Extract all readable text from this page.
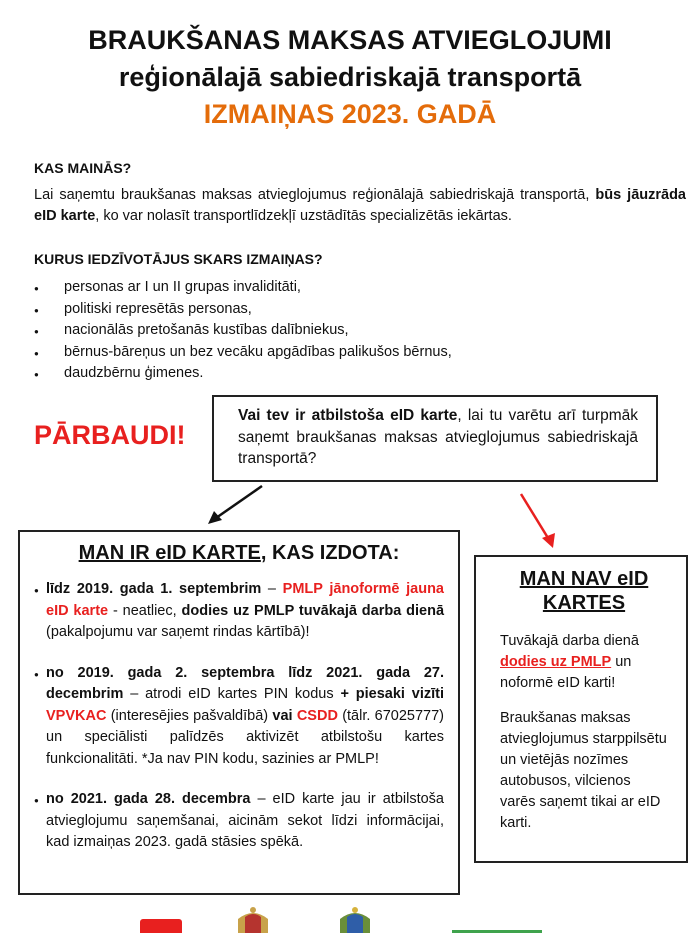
BRAUKŠANAS MAKSAS ATVIEGLOJUMI
reģionālajā sabiedriskajā transportā
IZMAIŅAS 2023. GADĀ
KAS MAINĀS?
Lai saņemtu braukšanas maksas atvieglojumus reģionālajā sabiedriskajā transportā, būs jāuzrāda eID karte, ko var nolasīt transportlīdzekļī uzstādītās specializētās iekārtas.
KURUS IEDZĪVOTĀJUS SKARS IZMAIŅAS?
● personas ar I un II grupas invaliditāti,
● politiski represētās personas,
● nacionālās pretošanās kustības dalībniekus,
● bērnus-bāreņus un bez vecāku apgādības palikušos bērnus,
● daudzbērnu ģimenes.
PĀRBAUDI!
Vai tev ir atbilstoša eID karte, lai tu varētu arī turpmāk saņemt braukšanas maksas atvieglojumus sabiedriskajā transportā?
MAN IR eID KARTE, KAS IZDOTA:
● līdz 2019. gada 1. septembrim – PMLP jānoformē jauna eID karte - neatliec, dodies uz PMLP tuvākajā darba dienā (pakalpojumu var saņemt rindas kārtībā)!
● no 2019. gada 2. septembra līdz 2021. gada 27. decembrim – atrodi eID kartes PIN kodus + piesaki vizīti VPVKAC (interesējies pašvaldībā) vai CSDD (tālr. 67025777) un speciālisti palīdzēs aktivizēt atbilstošu kartes funkcionalitāti. *Ja nav PIN kodu, sazinies ar PMLP!
● no 2021. gada 28. decembra – eID karte jau ir atbilstoša atvieglojumu saņemšanai, aicinām sekot līdzi informācijai, kad izmaiņas 2023. gadā stāsies spēkā.
MAN NAV eID KARTES

Tuvākajā darba dienā dodies uz PMLP un noformē eID karti!

Braukšanas maksas atvieglojumus starppilsētu un vietējās nozīmes autobusos, vilcienos varēs saņemt tikai ar eID karti.
